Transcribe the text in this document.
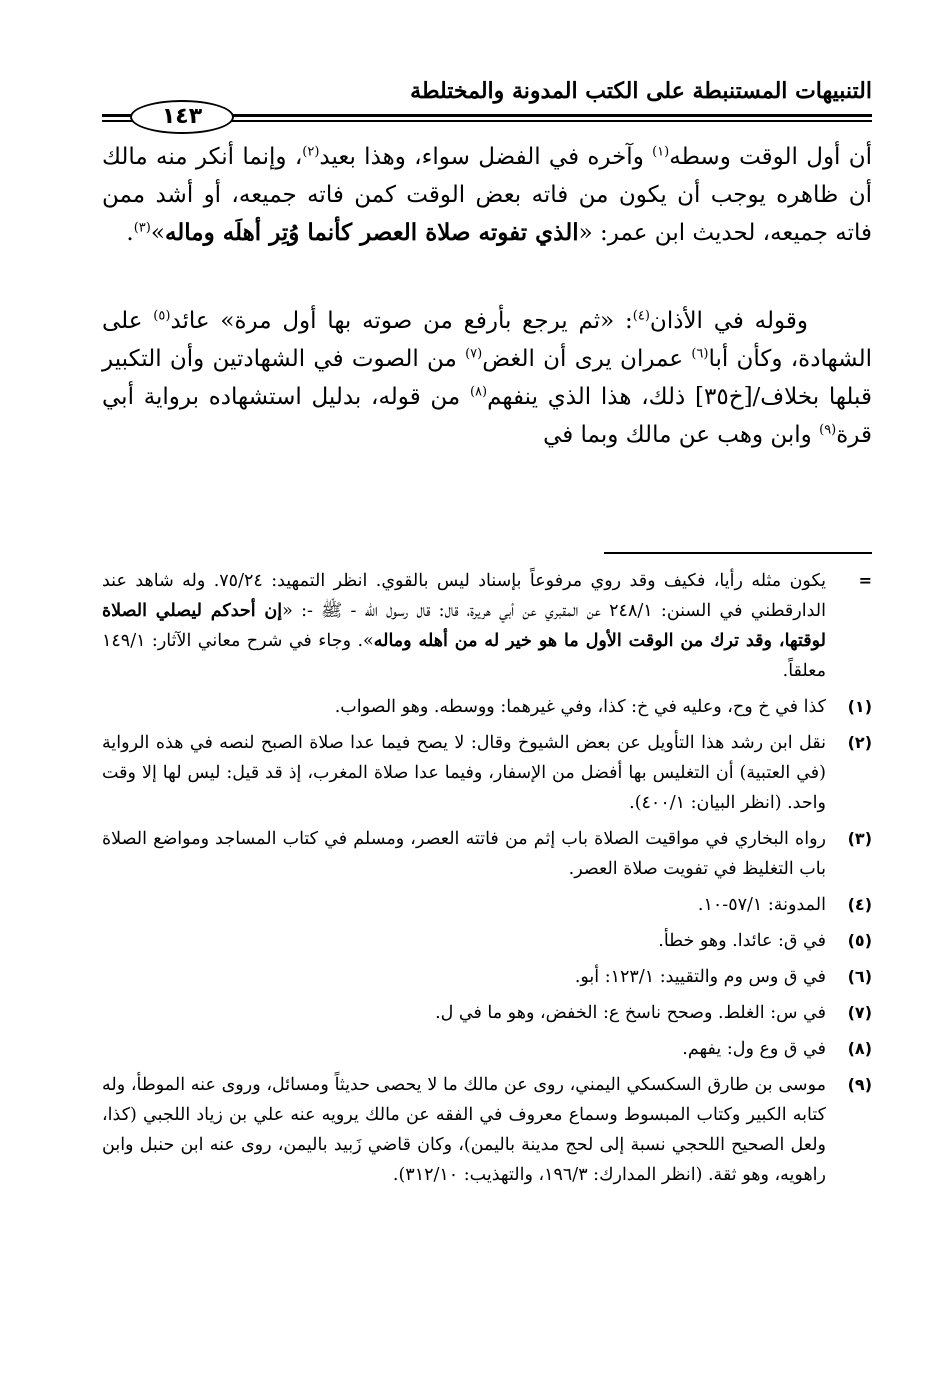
التنبيهات المستنبطة على الكتب المدونة والمختلطة
١٤٣

أن أول الوقت وسطه$^{(١)}$ وآخره في الفضل سواء، وهذا بعيد$^{(٢)}$، وإنما أنكر منه مالك أن ظاهره يوجب أن يكون من فاته بعض الوقت كمن فاته جميعه، أو أشد ممن فاته جميعه، لحديث ابن عمر: «الذي تفوته صلاة العصر كأنما وُتِر أهلَه وماله»$^{(٣)}$.

وقوله في الأذان$^{(٤)}$: «ثم يرجع بأرفع من صوته بها أول مرة» عائد$^{(٥)}$ على الشهادة، وكأن أبا$^{(٦)}$ عمران يرى أن الغض$^{(٧)}$ من الصوت في الشهادتين وأن التكبير قبلها بخلاف/[خ٣٥] ذلك، هذا الذي ينفهم$^{(٨)}$ من قوله، بدليل استشهاده برواية أبي قرة$^{(٩)}$ وابن وهب عن مالك وبما في

=
يكون مثله رأيا، فكيف وقد روي مرفوعاً بإسناد ليس بالقوي. انظر التمهيد: ٧٥/٢٤. وله شاهد عند الدارقطني في السنن: ٢٤٨/١ عن المقبري عن أبي هريرة، قال: قال رسول الله - ﷺ -: «إن أحدكم ليصلي الصلاة لوقتها، وقد ترك من الوقت الأول ما هو خير له من أهله وماله». وجاء في شرح معاني الآثار: ١٤٩/١ معلقاً.
(١)
كذا في خ وح، وعليه في خ: كذا، وفي غيرهما: ووسطه. وهو الصواب.
(٢)
نقل ابن رشد هذا التأويل عن بعض الشيوخ وقال: لا يصح فيما عدا صلاة الصبح لنصه في هذه الرواية (في العتبية) أن التغليس بها أفضل من الإسفار، وفيما عدا صلاة المغرب، إذ قد قيل: ليس لها إلا وقت واحد. (انظر البيان: ٤٠٠/١).
(٣)
رواه البخاري في مواقيت الصلاة باب إثم من فاتته العصر، ومسلم في كتاب المساجد ومواضع الصلاة باب التغليظ في تفويت صلاة العصر.
(٤)
المدونة: ٥٧/١-١٠.
(٥)
في ق: عائدا. وهو خطأ.
(٦)
في ق وس وم والتقييد: ١٢٣/١: أبو.
(٧)
في س: الغلط. وصحح ناسخ ع: الخفض، وهو ما في ل.
(٨)
في ق وع ول: يفهم.
(٩)
موسى بن طارق السكسكي اليمني، روى عن مالك ما لا يحصى حديثاً ومسائل، وروى عنه الموطأ، وله كتابه الكبير وكتاب المبسوط وسماع معروف في الفقه عن مالك يرويه عنه علي بن زياد اللجبي (كذا، ولعل الصحيح اللحجي نسبة إلى لحج مدينة باليمن)، وكان قاضي زَبيد باليمن، روى عنه ابن حنبل وابن راهويه، وهو ثقة. (انظر المدارك: ١٩٦/٣، والتهذيب: ٣١٢/١٠).
